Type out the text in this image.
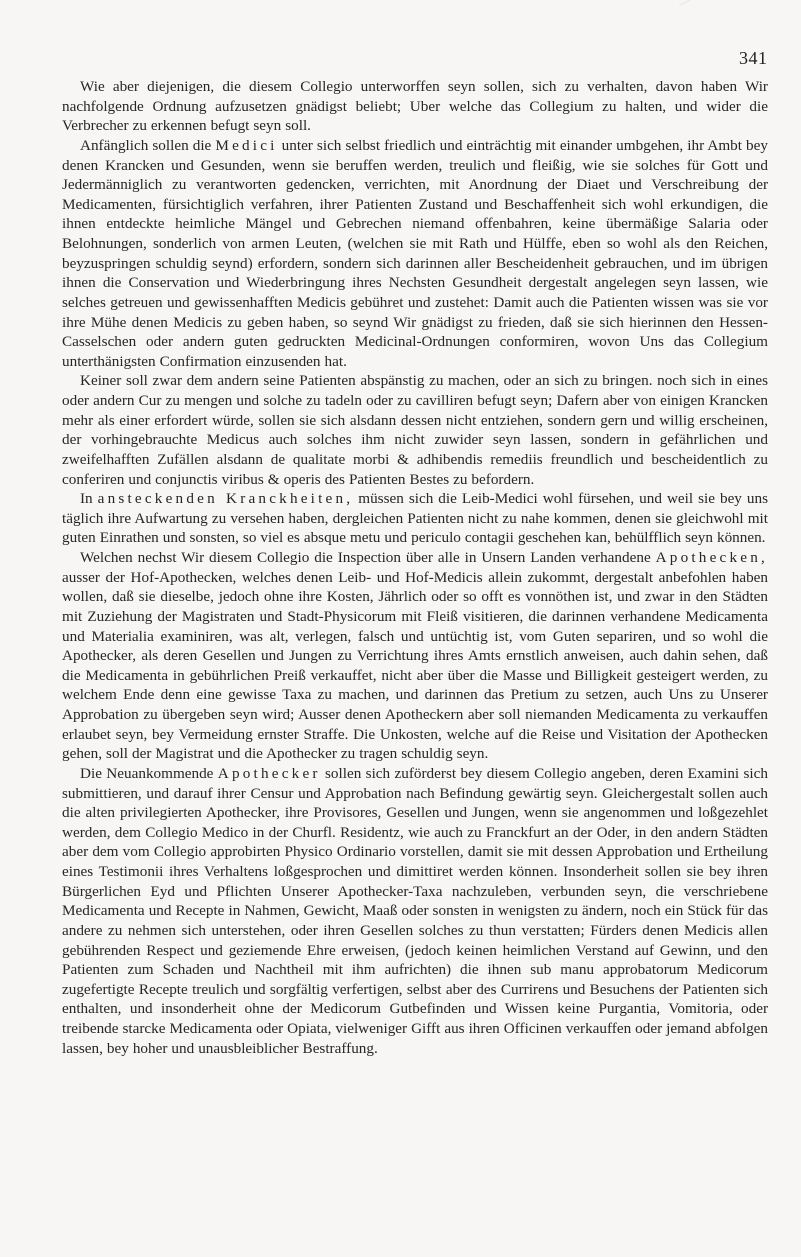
341

Wie aber diejenigen, die diesem Collegio unterworffen seyn sollen, sich zu verhalten, davon haben Wir nachfolgende Ordnung aufzusetzen gnädigst beliebt; Uber welche das Collegium zu halten, und wider die Verbrecher zu erkennen befugt seyn soll.

Anfänglich sollen die Medici unter sich selbst friedlich und einträchtig mit einander umbgehen, ihr Ambt bey denen Krancken und Gesunden, wenn sie beruffen werden, treulich und fleißig, wie sie solches für Gott und Jedermänniglich zu verantworten gedencken, verrichten, mit Anordnung der Diaet und Verschreibung der Medicamenten, fürsichtiglich verfahren, ihrer Patienten Zustand und Beschaffenheit sich wohl erkundigen, die ihnen entdeckte heimliche Mängel und Gebrechen niemand offenbahren, keine übermäßige Salaria oder Belohnungen, sonderlich von armen Leuten, (welchen sie mit Rath und Hülffe, eben so wohl als den Reichen, beyzuspringen schuldig seynd) erfordern, sondern sich darinnen aller Bescheidenheit gebrauchen, und im übrigen ihnen die Conservation und Wiederbringung ihres Nechsten Gesundheit dergestalt angelegen seyn lassen, wie selches getreuen und gewissenhafften Medicis gebühret und zustehet: Damit auch die Patienten wissen was sie vor ihre Mühe denen Medicis zu geben haben, so seynd Wir gnädigst zu frieden, daß sie sich hierinnen den Hessen-Casselschen oder andern guten gedruckten Medicinal-Ordnungen conformiren, wovon Uns das Collegium unterthänigsten Confirmation einzusenden hat.

Keiner soll zwar dem andern seine Patienten abspänstig zu machen, oder an sich zu bringen. noch sich in eines oder andern Cur zu mengen und solche zu tadeln oder zu cavilliren befugt seyn; Dafern aber von einigen Krancken mehr als einer erfordert würde, sollen sie sich alsdann dessen nicht entziehen, sondern gern und willig erscheinen, der vorhingebrauchte Medicus auch solches ihm nicht zuwider seyn lassen, sondern in gefährlichen und zweifelhafften Zufällen alsdann de qualitate morbi & adhibendis remediis freundlich und bescheidentlich zu conferiren und conjunctis viribus & operis des Patienten Bestes zu befordern.

In ansteckenden Kranckheiten, müssen sich die Leib-Medici wohl fürsehen, und weil sie bey uns täglich ihre Aufwartung zu versehen haben, dergleichen Patienten nicht zu nahe kommen, denen sie gleichwohl mit guten Einrathen und sonsten, so viel es absque metu und periculo contagii geschehen kan, behülfflich seyn können.

Welchen nechst Wir diesem Collegio die Inspection über alle in Unsern Landen verhandene Apothecken, ausser der Hof-Apothecken, welches denen Leib- und Hof-Medicis allein zukommt, dergestalt anbefohlen haben wollen, daß sie dieselbe, jedoch ohne ihre Kosten, Jährlich oder so offt es vonnöthen ist, und zwar in den Städten mit Zuziehung der Magistraten und Stadt-Physicorum mit Fleiß visitieren, die darinnen verhandene Medicamenta und Materialia examiniren, was alt, verlegen, falsch und untüchtig ist, vom Guten separiren, und so wohl die Apothecker, als deren Gesellen und Jungen zu Verrichtung ihres Amts ernstlich anweisen, auch dahin sehen, daß die Medicamenta in gebührlichen Preiß verkauffet, nicht aber über die Masse und Billigkeit gesteigert werden, zu welchem Ende denn eine gewisse Taxa zu machen, und darinnen das Pretium zu setzen, auch Uns zu Unserer Approbation zu übergeben seyn wird; Ausser denen Apotheckern aber soll niemanden Medicamenta zu verkauffen erlaubet seyn, bey Vermeidung ernster Straffe. Die Unkosten, welche auf die Reise und Visitation der Apothecken gehen, soll der Magistrat und die Apothecker zu tragen schuldig seyn.

Die Neuankommende Apothecker sollen sich zuförderst bey diesem Collegio angeben, deren Examini sich submittieren, und darauf ihrer Censur und Approbation nach Befindung gewärtig seyn. Gleichergestalt sollen auch die alten privilegierten Apothecker, ihre Provisores, Gesellen und Jungen, wenn sie angenommen und loßgezehlet werden, dem Collegio Medico in der Churfl. Residentz, wie auch zu Franckfurt an der Oder, in den andern Städten aber dem vom Collegio approbirten Physico Ordinario vorstellen, damit sie mit dessen Approbation und Ertheilung eines Testimonii ihres Verhaltens loßgesprochen und dimittiret werden können. Insonderheit sollen sie bey ihren Bürgerlichen Eyd und Pflichten Unserer Apothecker-Taxa nachzuleben, verbunden seyn, die verschriebene Medicamenta und Recepte in Nahmen, Gewicht, Maaß oder sonsten in wenigsten zu ändern, noch ein Stück für das andere zu nehmen sich unterstehen, oder ihren Gesellen solches zu thun verstatten; Fürders denen Medicis allen gebührenden Respect und geziemende Ehre erweisen, (jedoch keinen heimlichen Verstand auf Gewinn, und den Patienten zum Schaden und Nachtheil mit ihm aufrichten) die ihnen sub manu approbatorum Medicorum zugefertigte Recepte treulich und sorgfältig verfertigen, selbst aber des Currirens und Besuchens der Patienten sich enthalten, und insonderheit ohne der Medicorum Gutbefinden und Wissen keine Purgantia, Vomitoria, oder treibende starcke Medicamenta oder Opiata, vielweniger Gifft aus ihren Officinen verkauffen oder jemand abfolgen lassen, bey hoher und unausbleiblicher Bestraffung.
